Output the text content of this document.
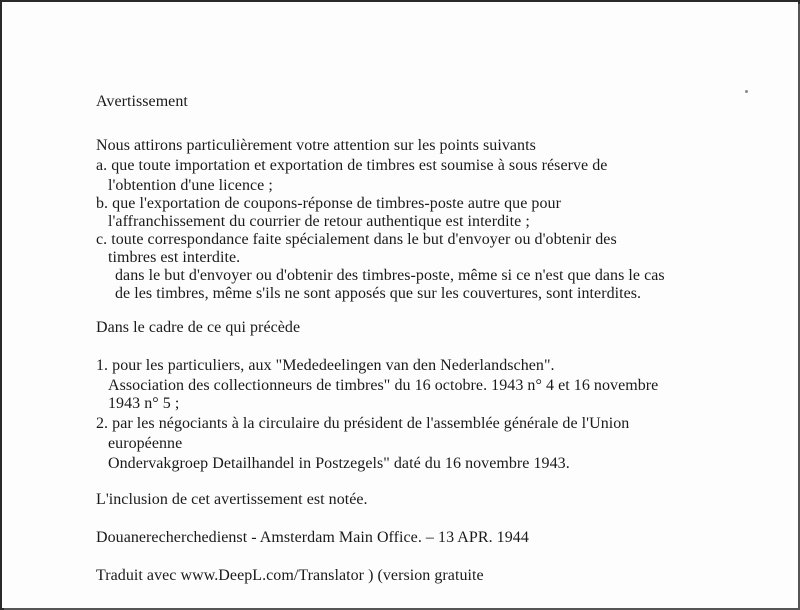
Avertissement
Nous attirons particulièrement votre attention sur les points suivants
a. que toute importation et exportation de timbres est soumise à sous réserve de
l'obtention d'une licence ;
b. que l'exportation de coupons-réponse de timbres-poste autre que pour
l'affranchissement du courrier de retour authentique est interdite ;
c. toute correspondance faite spécialement dans le but d'envoyer ou d'obtenir des
timbres est interdite.
dans le but d'envoyer ou d'obtenir des timbres-poste, même si ce n'est que dans le cas
de les timbres, même s'ils ne sont apposés que sur les couvertures, sont interdites.
Dans le cadre de ce qui précède
1. pour les particuliers, aux "Mededeelingen van den Nederlandschen".
Association des collectionneurs de timbres" du 16 octobre. 1943 n° 4 et 16 novembre
1943 n° 5 ;
2. par les négociants à la circulaire du président de l'assemblée générale de l'Union
européenne
Ondervakgroep Detailhandel in Postzegels" daté du 16 novembre 1943.
L'inclusion de cet avertissement est notée.
Douanerecherchedienst - Amsterdam Main Office. – 13 APR. 1944
Traduit avec www.DeepL.com/Translator ) (version gratuite
